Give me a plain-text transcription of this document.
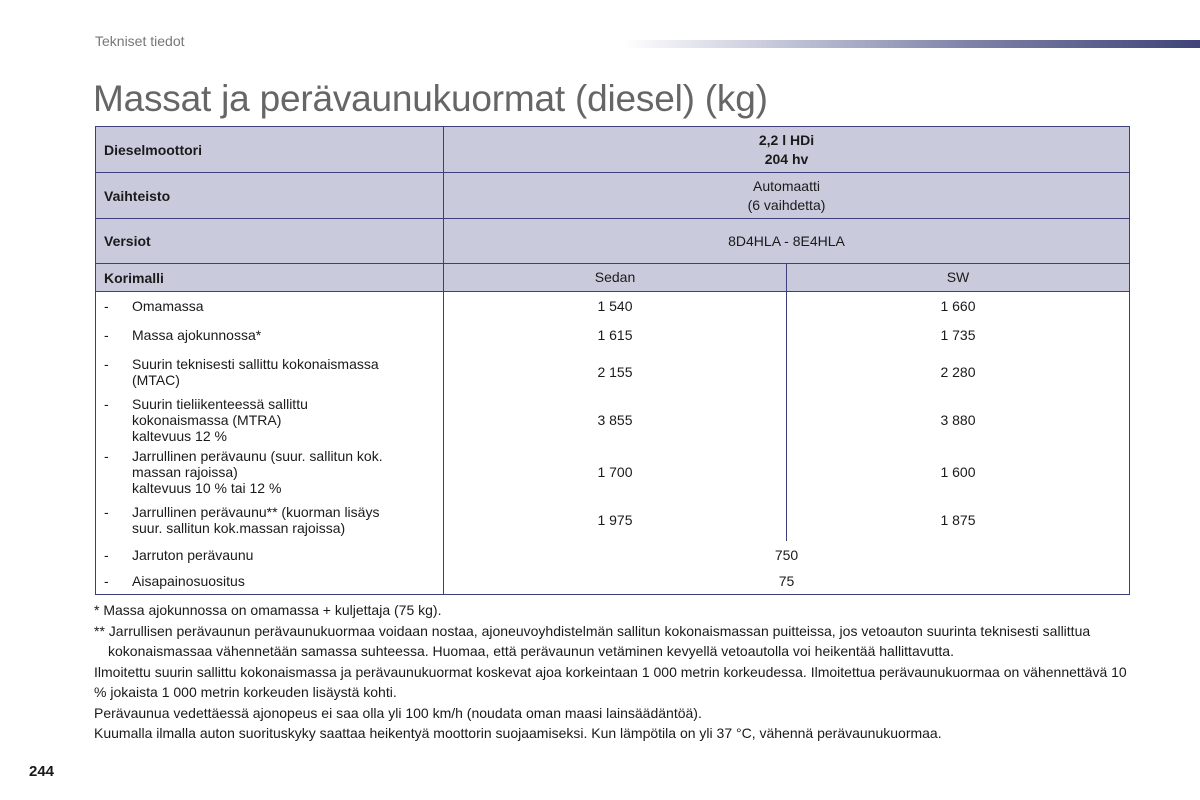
Tekniset tiedot
Massat ja perävaunukuormat (diesel) (kg)
Dieselmoottori	2,2 l HDi
204 hv	

Vaihteisto	Automaatti
(6 vaihdetta)	

Versiot	8D4HLA - 8E4HLA	
Korimalli	Sedan	SW

- Omamassa	1 540	1 660

- Massa ajokunnossa*	1 615	1 735

- Suurin teknisesti sallittu kokonaismassa
(MTAC)	2 155	2 280

- Suurin tieliikenteessä sallittu
kokonaismassa (MTRA)
kaltevuus 12 %	3 855	3 880

- Jarrullinen perävaunu (suur. sallitun kok.
massan rajoissa)
kaltevuus 10 % tai 12 %	1 700	1 600

- Jarrullinen perävaunu** (kuorman lisäys
suur. sallitun kok.massan rajoissa)	1 975	1 875

- Jarruton perävaunu	750	

- Aisapainosuositus	75	

* Massa ajokunnossa on omamassa + kuljettaja (75 kg).

** Jarrullisen perävaunun perävaunukuormaa voidaan nostaa, ajoneuvoyhdistelmän sallitun kokonaismassan puitteissa, jos vetoauton suurinta teknisesti sallittua kokonaismassaa vähennetään samassa suhteessa. Huomaa, että perävaunun vetäminen kevyellä vetoautolla voi heikentää hallittavutta.

Ilmoitettu suurin sallittu kokonaismassa ja perävaunukuormat koskevat ajoa korkeintaan 1 000 metrin korkeudessa. Ilmoitettua perävaunukuormaa on vähennettävä 10 % jokaista 1 000 metrin korkeuden lisäystä kohti.

Perävaunua vedettäessä ajonopeus ei saa olla yli 100 km/h (noudata oman maasi lainsäädäntöä).

Kuumalla ilmalla auton suorituskyky saattaa heikentyä moottorin suojaamiseksi. Kun lämpötila on yli 37 °C, vähennä perävaunukuormaa.

244
